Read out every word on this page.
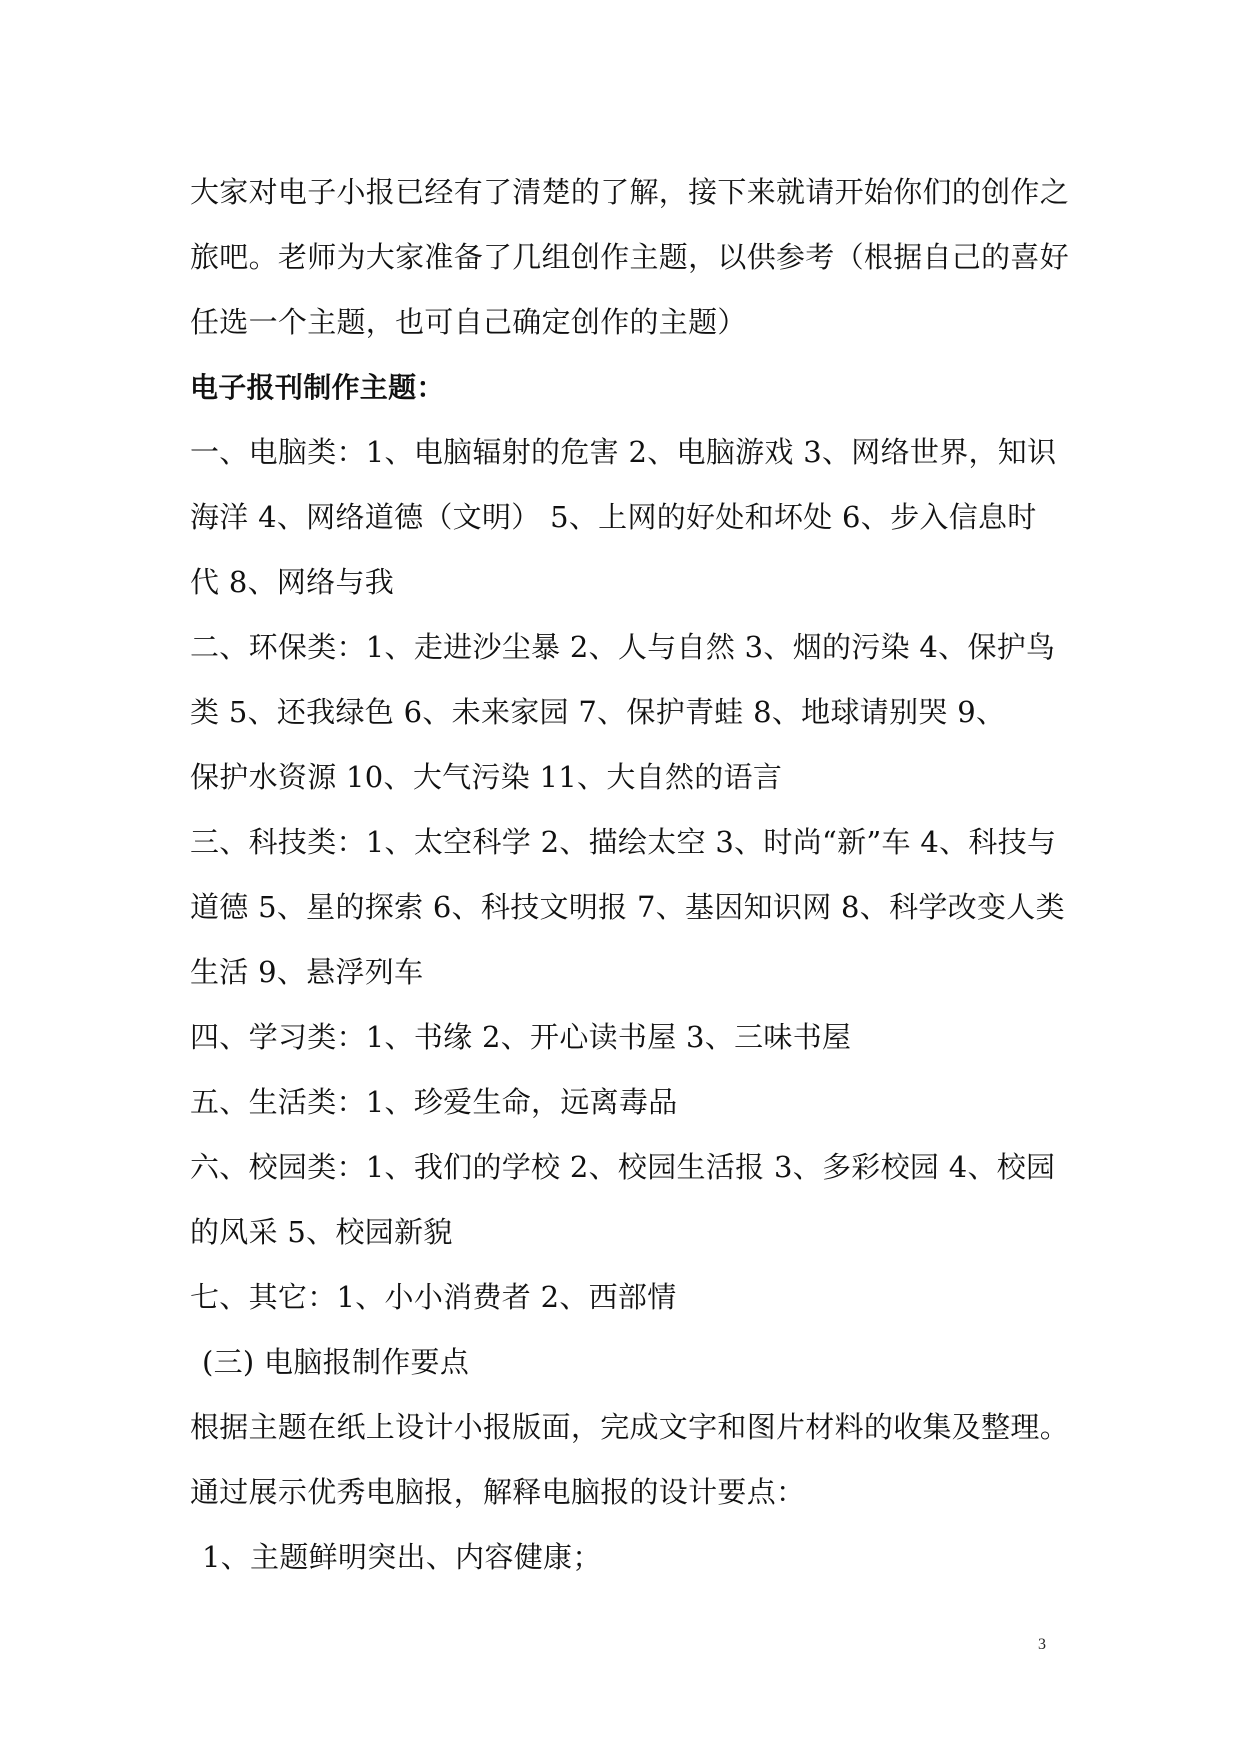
大家对电子小报已经有了清楚的了解，接下来就请开始你们的创作之
旅吧。老师为大家准备了几组创作主题，以供参考（根据自己的喜好
任选一个主题，也可自己确定创作的主题）
电子报刊制作主题：
一、电脑类：1、电脑辐射的危害 2、电脑游戏 3、网络世界，知识
海洋 4、网络道德（文明） 5、上网的好处和坏处 6、步入信息时
代 8、网络与我
二、环保类：1、走进沙尘暴 2、人与自然 3、烟的污染 4、保护鸟
类 5、还我绿色 6、未来家园 7、保护青蛙 8、地球请别哭 9、
保护水资源 10、大气污染 11、大自然的语言
三、科技类：1、太空科学 2、描绘太空 3、时尚“新”车 4、科技与
道德 5、星的探索 6、科技文明报 7、基因知识网 8、科学改变人类
生活 9、悬浮列车
四、学习类：1、书缘 2、开心读书屋 3、三味书屋
五、生活类：1、珍爱生命，远离毒品
六、校园类：1、我们的学校 2、校园生活报 3、多彩校园 4、校园
的风采 5、校园新貌
七、其它：1、小小消费者 2、西部情
(三) 电脑报制作要点
根据主题在纸上设计小报版面，完成文字和图片材料的收集及整理。
通过展示优秀电脑报，解释电脑报的设计要点：
1、主题鲜明突出、内容健康；
3
